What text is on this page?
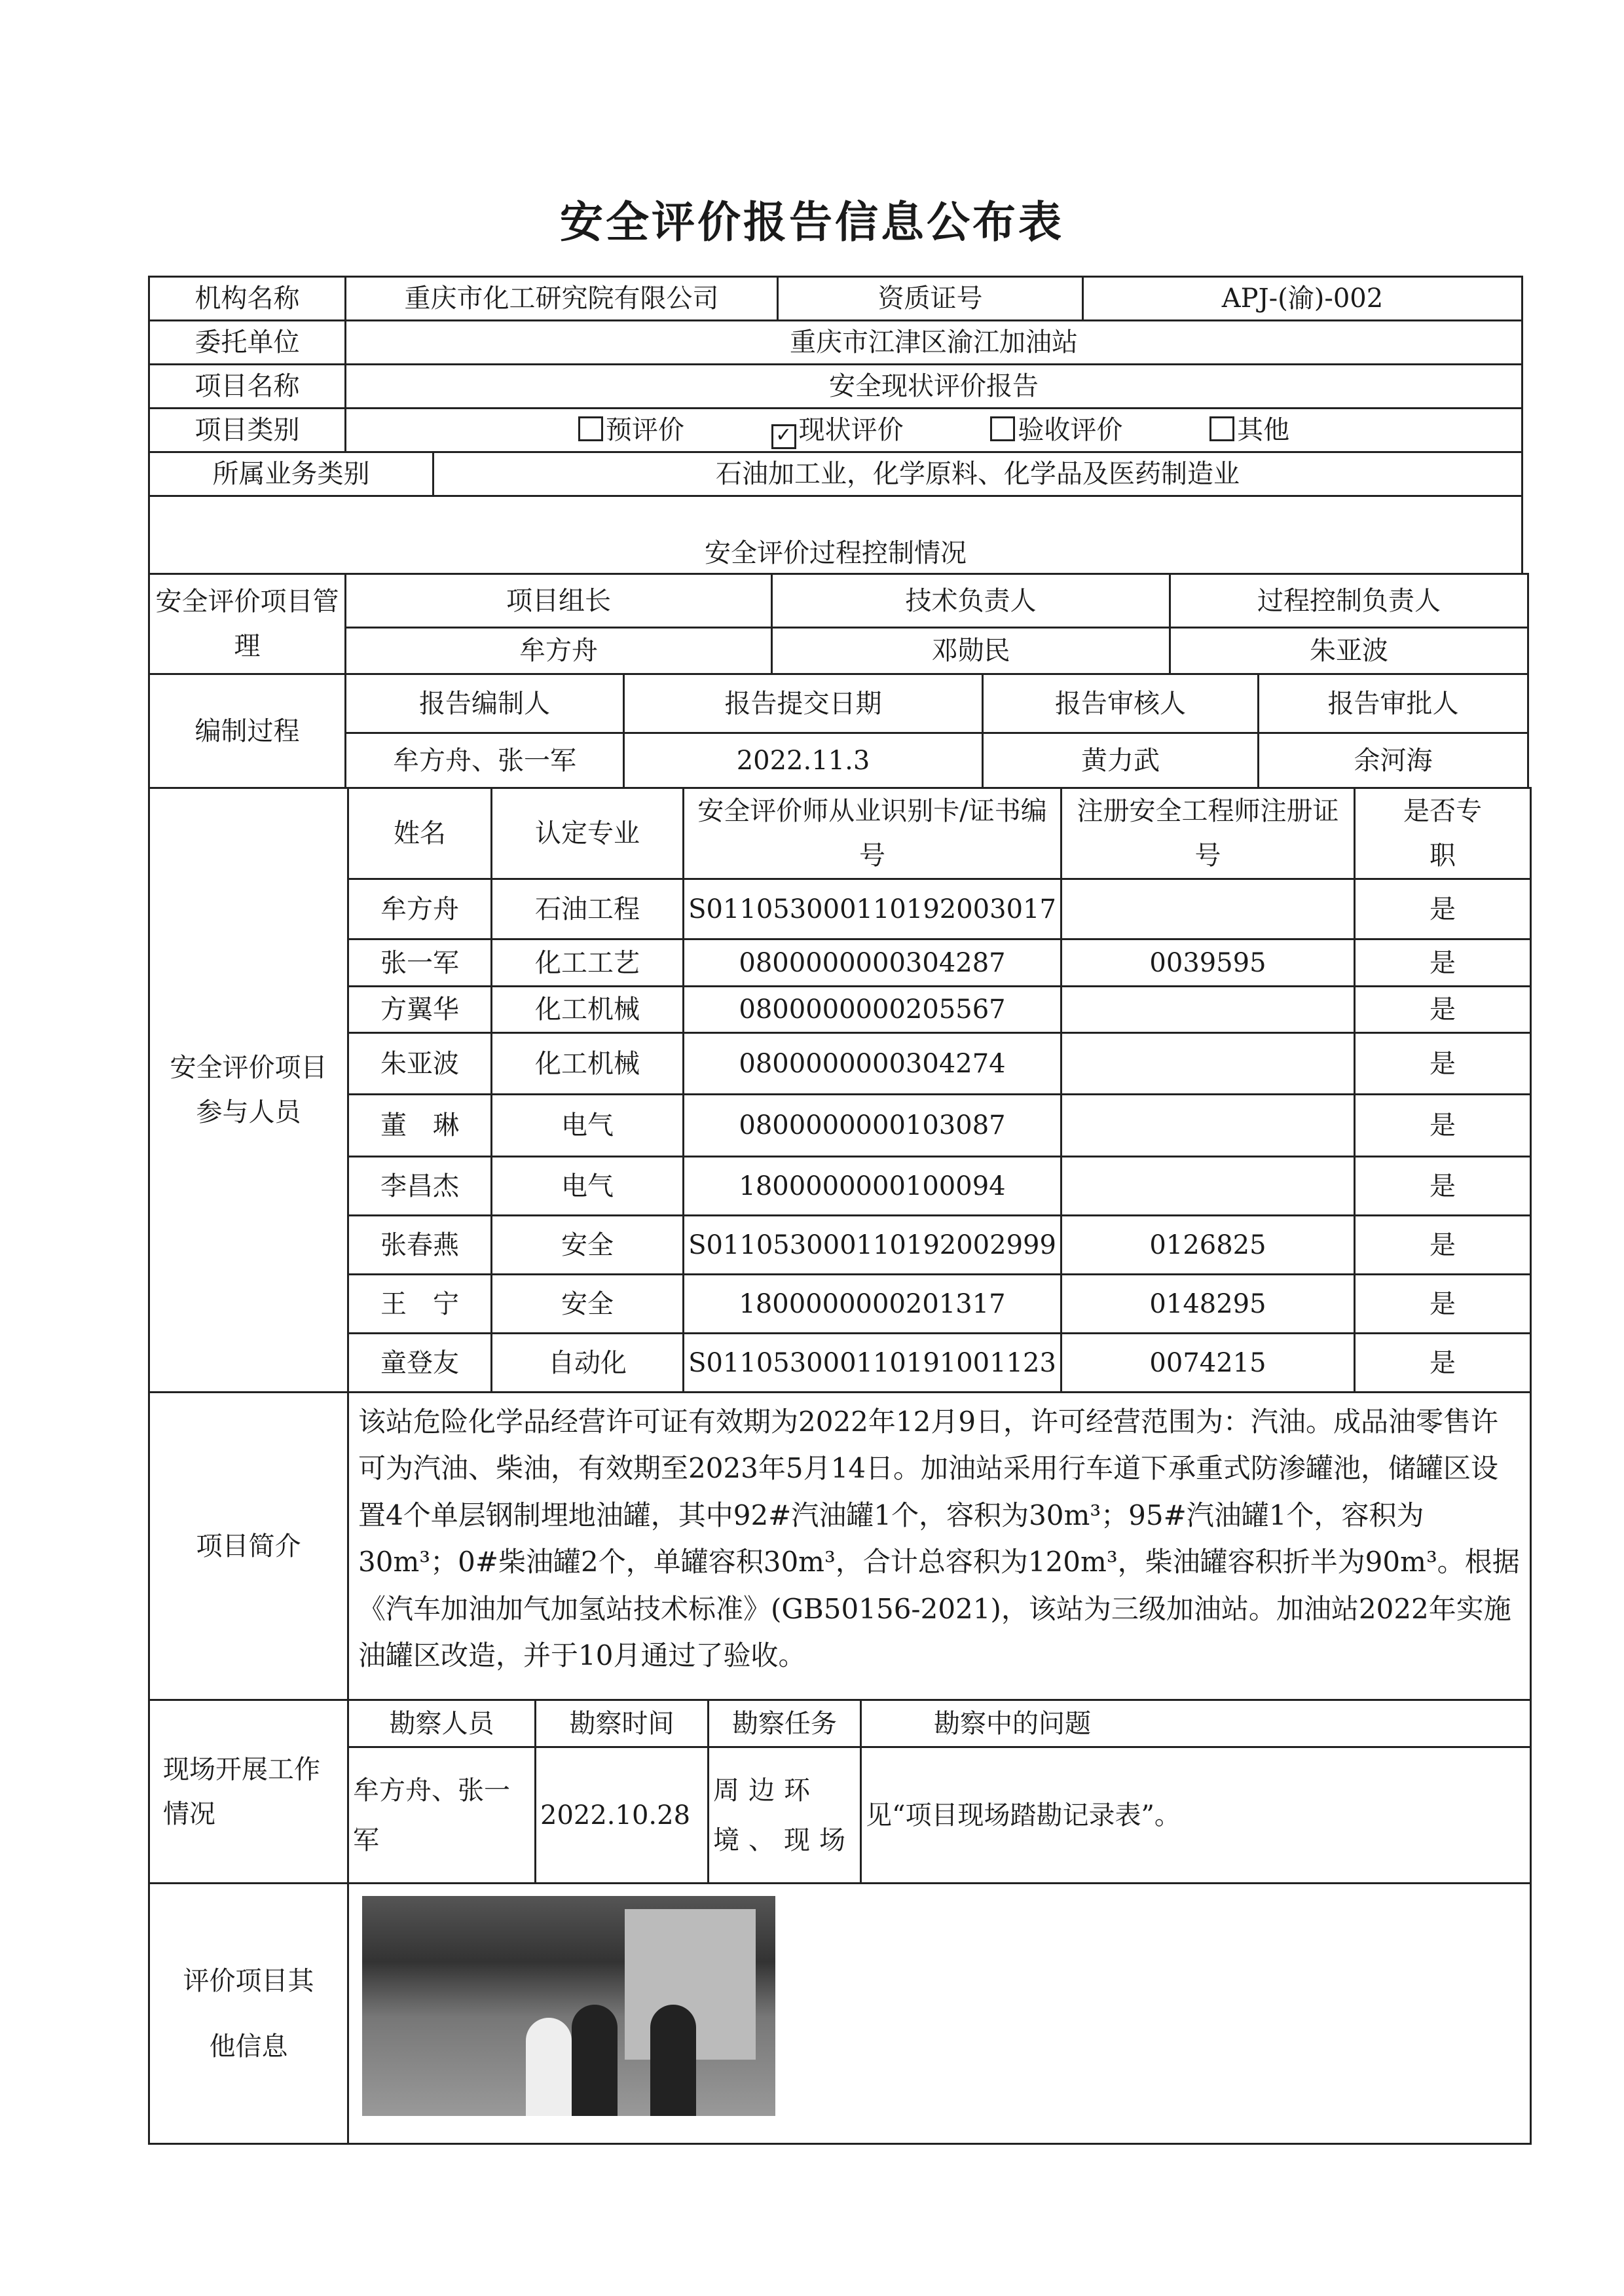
安全评价报告信息公布表
机构名称	重庆市化工研究院有限公司		资质证号	APJ-(渝)-002
委托单位	重庆市江津区渝江加油站			
项目名称	安全现状评价报告			
项目类别	预评价 ✓ 现状评价 验收评价 其他			
所属业务类别		石油加工业，化学原料、化学品及医药制造业		
安全评价过程控制情况				
安全评价项目管理	项目组长	技术负责人	过程控制负责人
	牟方舟	邓勋民	朱亚波
编制过程	报告编制人	报告提交日期	报告审核人	报告审批人
	牟方舟、张一军	2022.11.3	黄力武	余河海
安全评价项目参与人员	姓名	认定专业	安全评价师从业识别卡/证书编号	注册安全工程师注册证号	是否专职
	牟方舟	石油工程	S011053000110192003017		是
	张一军	化工工艺	0800000000304287	0039595	是
	方翼华	化工机械	0800000000205567		是
	朱亚波	化工机械	0800000000304274		是
	董　琳	电气	0800000000103087		是
	李昌杰	电气	1800000000100094		是
	张春燕	安全	S011053000110192002999	0126825	是
	王　宁	安全	1800000000201317	0148295	是
	童登友	自动化	S011053000110191001123	0074215	是
项目简介	该站危险化学品经营许可证有效期为2022年12月9日，许可经营范围为：汽油。成品油零售许可为汽油、柴油，有效期至2023年5月14日。加油站采用行车道下承重式防渗罐池，储罐区设置4个单层钢制埋地油罐，其中92#汽油罐1个，容积为30m³；95#汽油罐1个，容积为30m³；0#柴油罐2个，单罐容积30m³，合计总容积为120m³，柴油罐容积折半为90m³。根据《汽车加油加气加氢站技术标准》(GB50156-2021)，该站为三级加油站。加油站2022年实施油罐区改造，并于10月通过了验收。
现场开展工作情况	勘察人员	勘察时间	勘察任务	勘察中的问题
	牟方舟、张一军	2022.10.28	周边环境、现场	见“项目现场踏勘记录表”。
评价项目其他信息	
